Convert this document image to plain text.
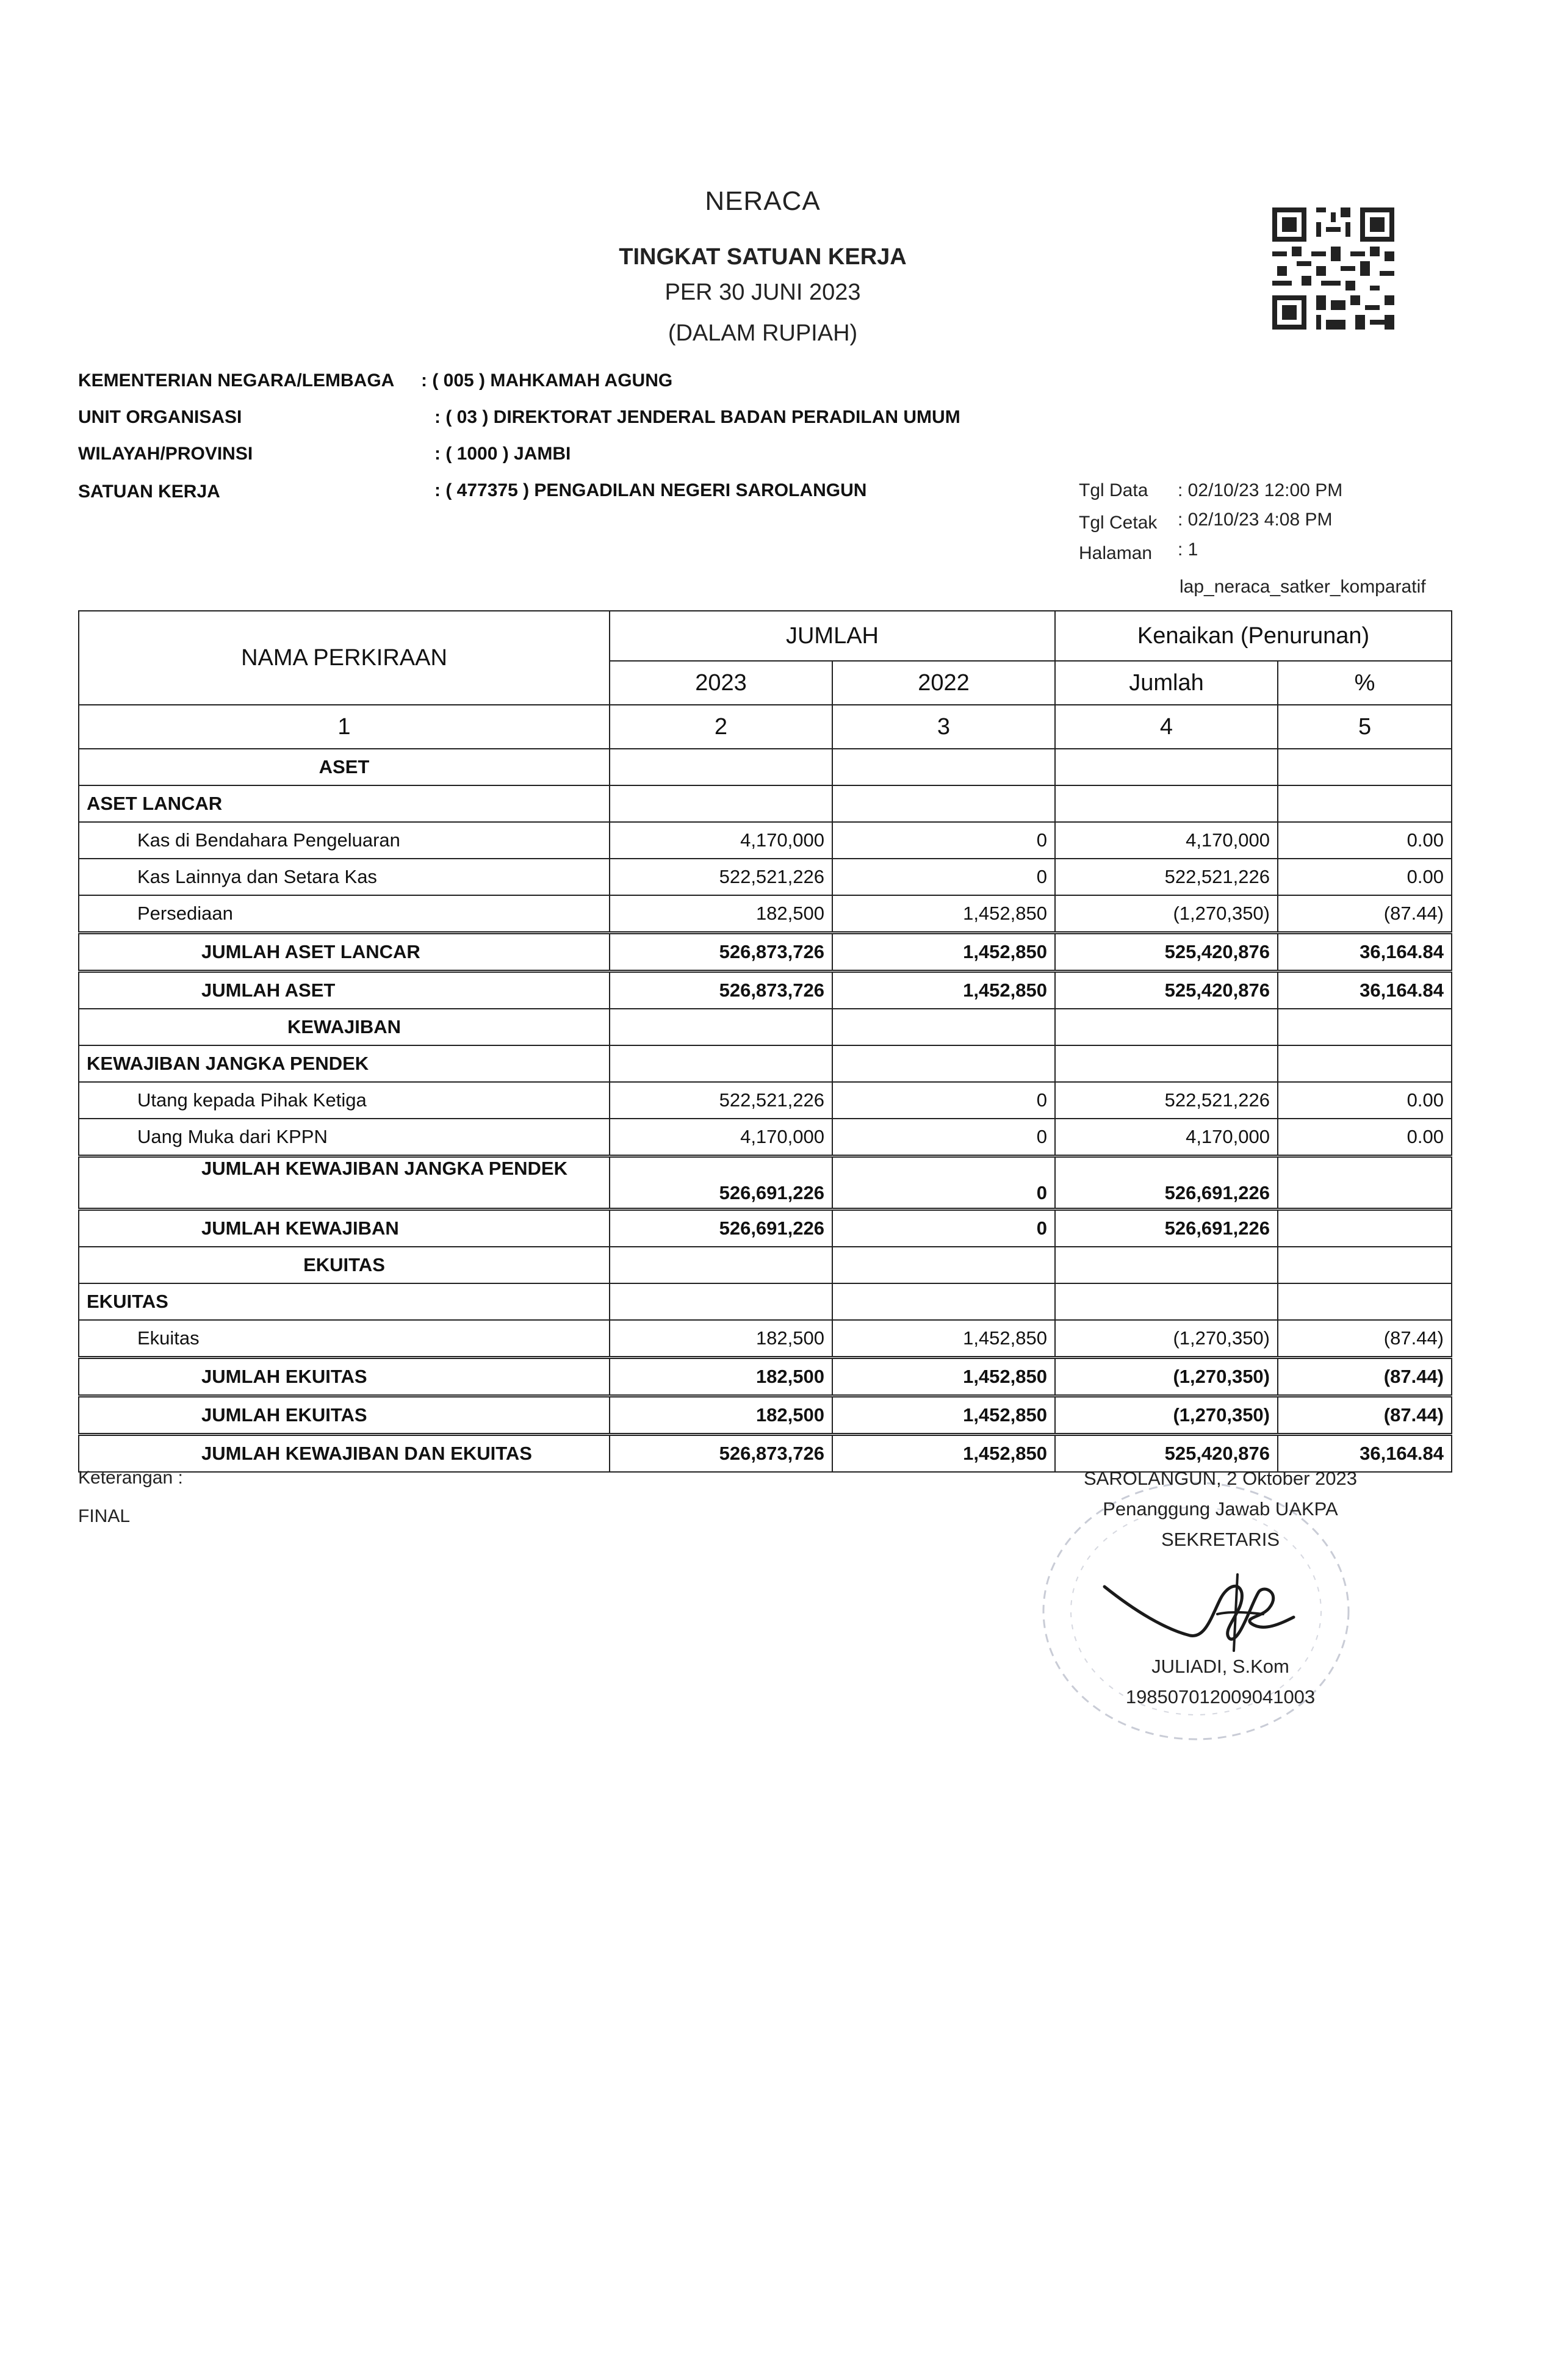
NERACA
TINGKAT SATUAN KERJA
PER 30 JUNI 2023
(DALAM RUPIAH)
KEMENTERIAN NEGARA/LEMBAGA : ( 005 ) MAHKAMAH AGUNG
UNIT ORGANISASI	: ( 03 ) DIREKTORAT JENDERAL BADAN PERADILAN UMUM
WILAYAH/PROVINSI	: ( 1000 ) JAMBI
SATUAN KERJA	: ( 477375 ) PENGADILAN NEGERI SAROLANGUN	Tgl Data : 02/10/23 12:00 PM
Tgl Cetak : 02/10/23 4:08 PM
Halaman : 1
lap_neraca_satker_komparatif
NAMA PERKIRAAN	JUMLAH		Kenaikan (Penurunan)	
	2023	2022	Jumlah	%
1	2	3	4	5
ASET				
ASET LANCAR				
Kas di Bendahara Pengeluaran	4,170,000	0	4,170,000	0.00
Kas Lainnya dan Setara Kas	522,521,226	0	522,521,226	0.00
Persediaan	182,500	1,452,850	(1,270,350)	(87.44)
JUMLAH ASET LANCAR	526,873,726	1,452,850	525,420,876	36,164.84
JUMLAH ASET	526,873,726	1,452,850	525,420,876	36,164.84
KEWAJIBAN				
KEWAJIBAN JANGKA PENDEK				
Utang kepada Pihak Ketiga	522,521,226	0	522,521,226	0.00
Uang Muka dari KPPN	4,170,000	0	4,170,000	0.00
JUMLAH KEWAJIBAN JANGKA PENDEK	526,691,226	0	526,691,226	
JUMLAH KEWAJIBAN	526,691,226	0	526,691,226	
EKUITAS				
EKUITAS				
Ekuitas	182,500	1,452,850	(1,270,350)	(87.44)
JUMLAH EKUITAS	182,500	1,452,850	(1,270,350)	(87.44)
JUMLAH EKUITAS	182,500	1,452,850	(1,270,350)	(87.44)
JUMLAH KEWAJIBAN DAN EKUITAS	526,873,726	1,452,850	525,420,876	36,164.84
Keterangan :
FINAL
SAROLANGUN, 2 Oktober 2023
Penanggung Jawab UAKPA
SEKRETARIS
JULIADI, S.Kom
198507012009041003
